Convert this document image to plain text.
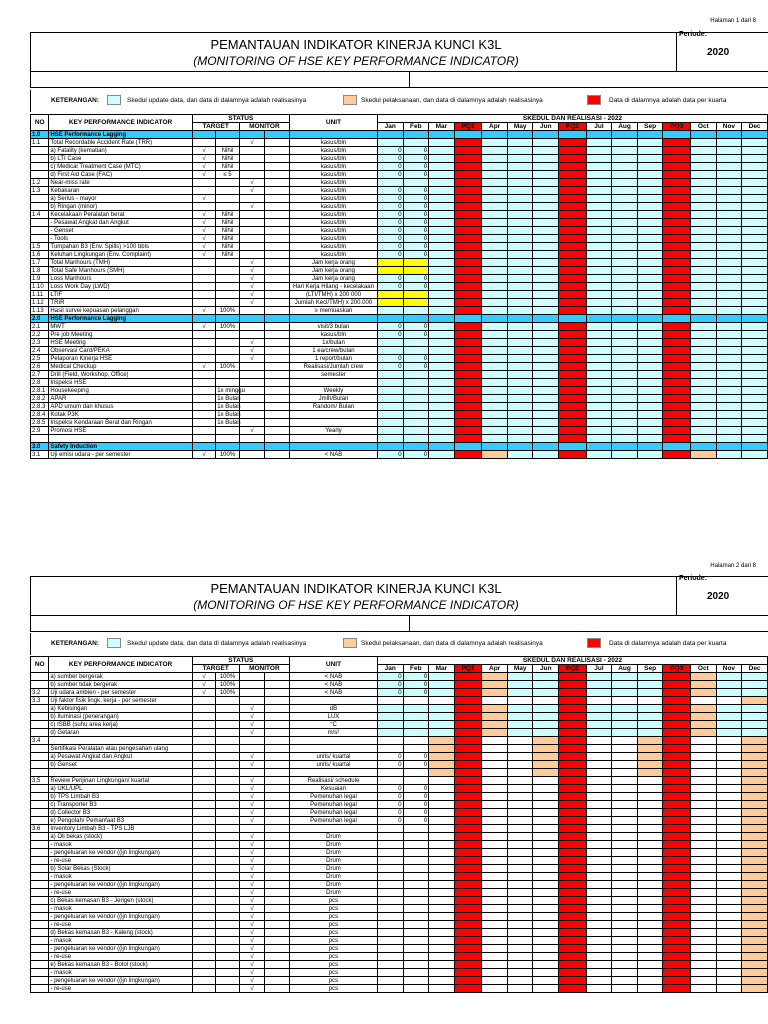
Halaman 1 dari 8
PEMANTAUAN INDIKATOR KINERJA KUNCI K3L
(MONITORING OF HSE KEY PERFORMANCE INDICATOR)
Periode:
2020
KETERANGAN:	Skedul update data, dan data di dalamnya adalah realisasinya	Skedul pelaksanaan, dan data di dalamnya adalah realisasinya	Data di dalamnya adalah data per kuarta
NO	KEY PERFORMANCE INDICATOR	STATUS				UNIT	SKEDUL DAN REALISASI - 2022														
		TARGET		MONITOR			Jan	Feb	Mar	PQ1	Apr	May	Jun	PQ2	Jul	Aug	Sep	PQ3	Oct	Nov	Dec
1.0	HSE Performance Lagging																				
1.1	Total Recordable Accident Rate (TRR)			√		kasus/bln															
	a) Fatality (kematian)	√	Nihil			kasus/bln	0	0													
	b) LTI Case	√	Nihil			kasus/bln	0	0													
	c) Medical Treatment Case (MTC)	√	Nihil			kasus/bln	0	0													
	d) First Aid Case (FAC)	√	≤ 5			kasus/bln	0	0													
1.2	Near-miss rate			√		kasus/bln															
1.3	Kebakaran			√		kasus/bln	0	0													
	a) Serius - mayor	√				kasus/bln	0	0													
	b) Ringan (minor)			√		kasus/bln	0	0													
1.4	Kecelakaan Peralatan berat	√	Nihil			kasus/bln	0	0													
	- Pesawat Angkat dan Angkut	√	Nihil			kasus/bln	0	0													
	- Genset	√	Nihil			kasus/bln	0	0													
	- Tools	√	Nihil			kasus/bln	0	0													
1.5	Tumpahan B3 (Env. Spills) >100 bbls	√	Nihil			kasus/bln	0	0													
1.6	Keluhan Lingkungan (Env. Complaint)	√	Nihil			kasus/bln	0	0													
1.7	Total Manhours (TMH)			√		Jam kerja orang															
1.8	Total Safe Manhours (SMH)			√		Jam kerja orang															
1.9	Loss Manhours			√		Jam kerja orang	0	0													
1.10	Loss Work Day (LWD)			√		Hari Kerja Hilang - kecelakaan	0	0													
1.11	LTIF			√		(LTI/TMH) x 200 000															
1.12	TRIR			√		Jumlah Kecl/TMH) x 200.000															
1.13	Hasil survei kepuasan pelanggan	√	100%			≥ memuaskan															
2.0	HSE Performance Lagging																				
2.1	MWT	√	100%			visit/3 bulan	0	0													
2.2	Pre job Meeting					kasus/bln	0	0													
2.3	HSE Meeting			√		1x/bulan															
2.4	Observasi Card/PEKA			√		1 ea/crew/bulan															
2.5	Pelaporan Kinerja HSE			√		1 report/bulan	0	0													
2.6	Medical Checkup	√	100%			Realisasi/Jumlah crew	0	0													
2.7	Drill (Field, Workshop, Office)					semester															
2.8	Inspeksi HSE																				
2.8.1	Housekeeping		1x minggu			Weekly															
2.8.2	APAR		1x Bulan			Jmlh/Bulan															
2.8.3	APD umum dan khusus		1x Bulan			Random/ Bulan															
2.8.4	Kotak P3K		1x Bulan																		
2.8.5	Inspeksi Kendaraan Berat dan Ringan		1x Bulan																		
2.9	Promosi HSE			√		Yearly															

3.0	Safety Induction																				
3.1	Uji emisi udara - per semester	√	100%			< NAB	0	0													
Halaman 2 dari 8
PEMANTAUAN INDIKATOR KINERJA KUNCI K3L
(MONITORING OF HSE KEY PERFORMANCE INDICATOR)
Periode:
2020
KETERANGAN:	Skedul update data, dan data di dalamnya adalah realisasinya	Skedul pelaksanaan, dan data di dalamnya adalah realisasinya	Data di dalamnya adalah data per kuarta
NO	KEY PERFORMANCE INDICATOR	STATUS				UNIT	SKEDUL DAN REALISASI - 2022														
		TARGET		MONITOR			Jan	Feb	Mar	PQ1	Apr	May	Jun	PQ2	Jul	Aug	Sep	PQ3	Oct	Nov	Dec
	a) sumber bergerak	√	100%			< NAB	0	0													
	b) sumber tidak bergerak	√	100%			< NAB	0	0													
3.2	Uji udara ambien - per semester	√	100%			< NAB	0	0													
3.3	Uji faktor fisik lingk. kerja - per semester																				
	a) Kebisingan			√		dB															
	b) Iluminasi (penerangan)			√		LUX															
	c) ISBB (suhu area kerja)			√		°C															
	d) Getaran			√		m/s²															
3.4																					
	Sertifikasi Peralatan atau pengesahan ulang																				
	a) Pesawat Angkat dan Angkut			√		units/ kuartal	0	0													
	b) Genset			√		units/ kuartal	0	0													

3.5	Review Perijinan Lingkungan/ kuartal			√		Realisasi/ schedule															
	a) UKL/UPL			√		Kesuaian	0	0													
	b) TPS Limbah B3			√		Pemenuhan legal	0	0													
	c) Transporter B3			√		Pemenuhan legal	0	0													
	d) Collector B3			√		Pemenuhan legal	0	0													
	e) Pengolah/ Pemanfaat B3			√		Pemenuhan legal	0	0													
3.6	Inventory Limbah B3 - TPS LJB																				
	a) Oli bekas (stock)			√		Drum															
	- masuk			√		Drum															
	- pengeluaran ke vendor ((ijn lingkungan)			√		Drum															
	- re-use			√		Drum															
	b) Solar Bekas (Stock)			√		Drum															
	- masuk			√		Drum															
	- pengeluaran ke vendor ((ijn lingkungan)			√		Drum															
	- re-use			√		Drum															
	c) Bekas kemasan B3 - Jerigen (stock)			√		pcs															
	- masuk			√		pcs															
	- pengeluaran ke vendor ((ijn lingkungan)			√		pcs															
	- re-use			√		pcs															
	d) Bekas kemasan B3 - Kaleng (stock)			√		pcs															
	- masuk			√		pcs															
	- pengeluaran ke vendor ((ijn lingkungan)			√		pcs															
	- re-use			√		pcs															
	e) Bekas kemasan B3 - Botol (stock)			√		pcs															
	- masuk			√		pcs															
	- pengeluaran ke vendor ((ijn lingkungan)			√		pcs															
	- re-use			√		pcs															
